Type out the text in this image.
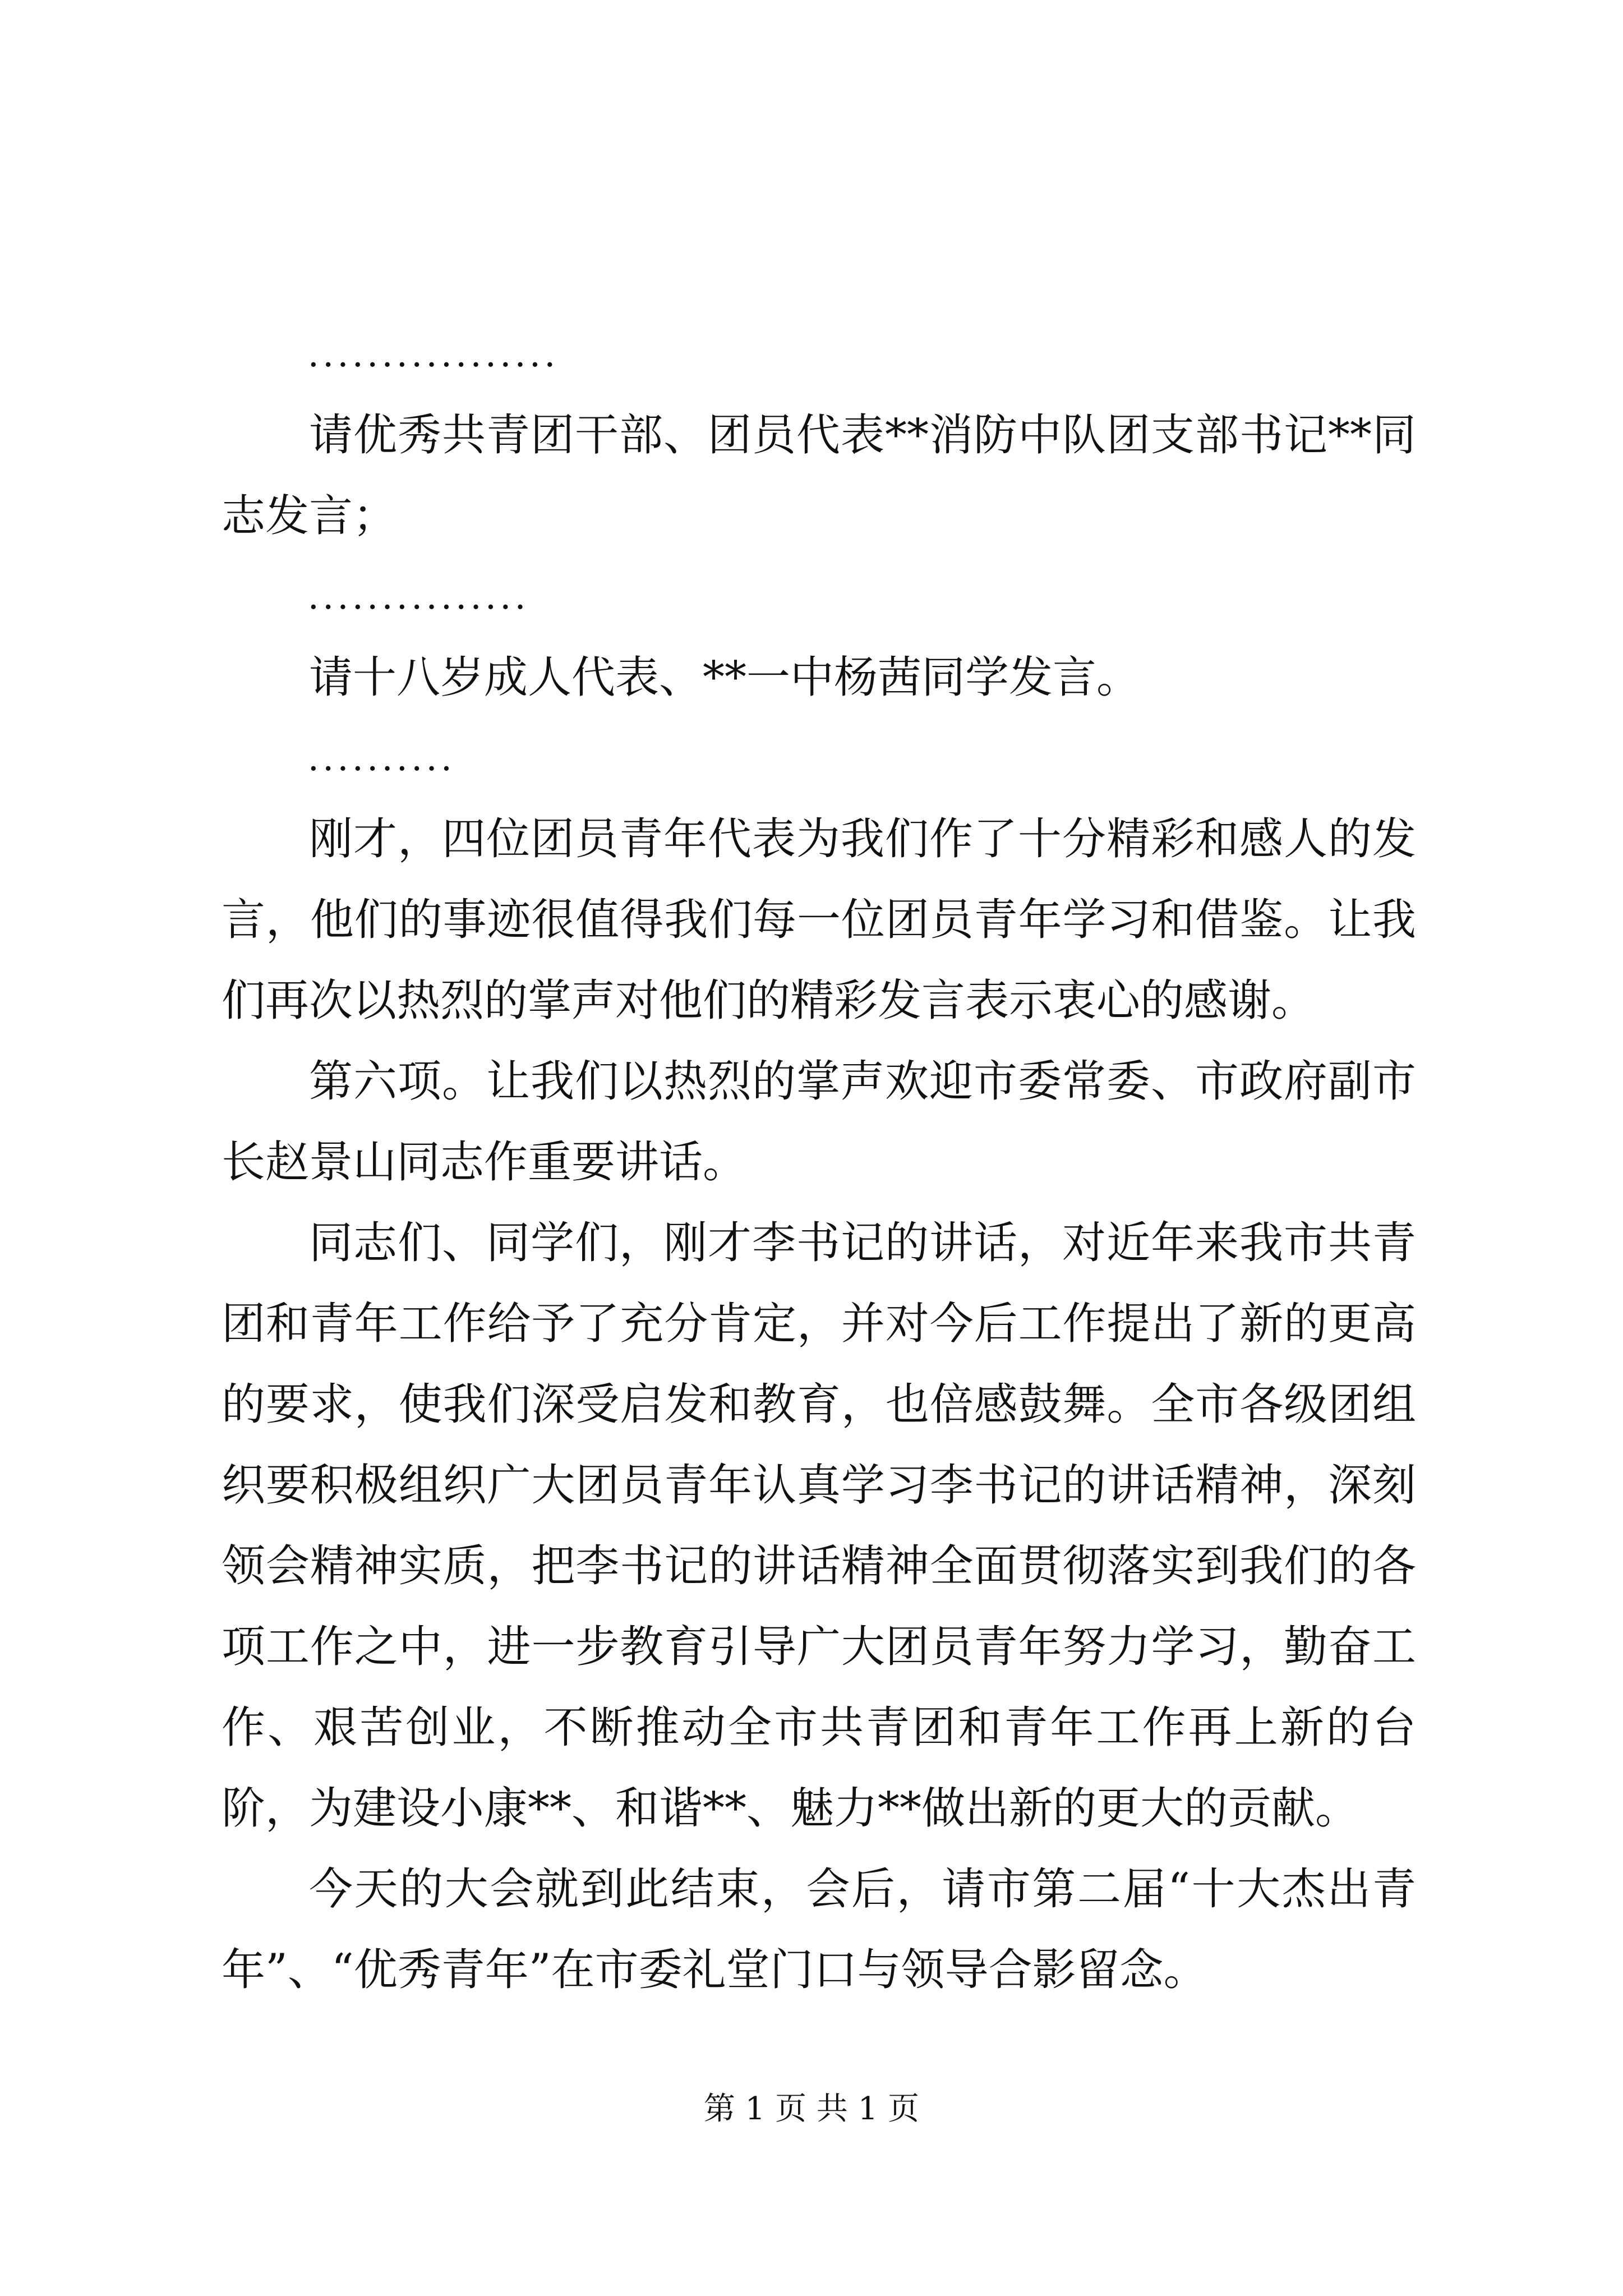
.................

请优秀共青团干部、团员代表**消防中队团支部书记**同志发言；

...............

请十八岁成人代表、**一中杨茜同学发言。

..........

刚才，四位团员青年代表为我们作了十分精彩和感人的发言，他们的事迹很值得我们每一位团员青年学习和借鉴。让我们再次以热烈的掌声对他们的精彩发言表示衷心的感谢。

第六项。让我们以热烈的掌声欢迎市委常委、市政府副市长赵景山同志作重要讲话。

同志们、同学们，刚才李书记的讲话，对近年来我市共青团和青年工作给予了充分肯定，并对今后工作提出了新的更高的要求，使我们深受启发和教育，也倍感鼓舞。全市各级团组织要积极组织广大团员青年认真学习李书记的讲话精神，深刻领会精神实质，把李书记的讲话精神全面贯彻落实到我们的各项工作之中，进一步教育引导广大团员青年努力学习，勤奋工作、艰苦创业，不断推动全市共青团和青年工作再上新的台阶，为建设小康**、和谐**、魅力**做出新的更大的贡献。

今天的大会就到此结束，会后，请市第二届“十大杰出青年”、“优秀青年”在市委礼堂门口与领导合影留念。

第 1 页 共 1 页
